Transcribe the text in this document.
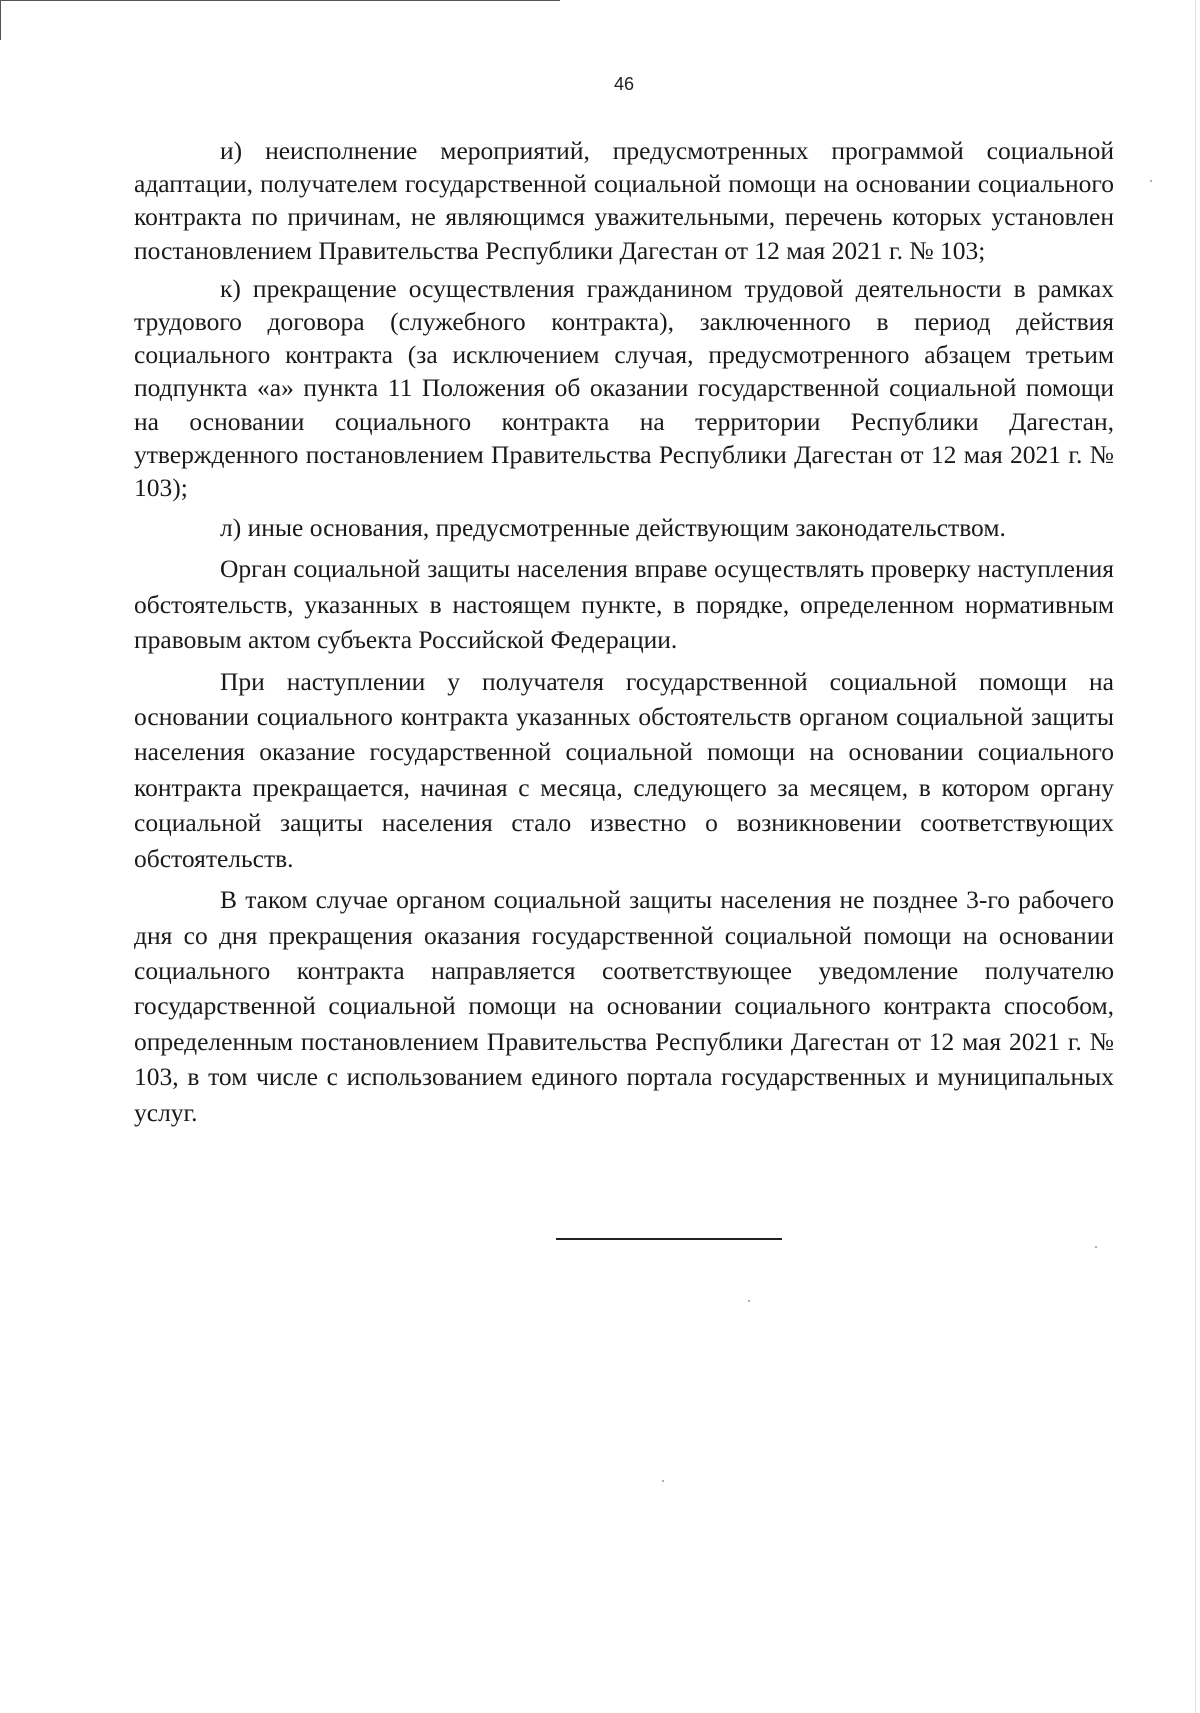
46

и) неисполнение мероприятий, предусмотренных программой социальной адаптации, получателем государственной социальной помощи на основании социального контракта по причинам, не являющимся уважительными, перечень которых установлен постановлением Правительства Республики Дагестан от 12 мая 2021 г. № 103;

к) прекращение осуществления гражданином трудовой деятельности в рамках трудового договора (служебного контракта), заключенного в период действия социального контракта (за исключением случая, предусмотренного абзацем третьим подпункта «а» пункта 11 Положения об оказании государственной социальной помощи на основании социального контракта на территории Республики Дагестан, утвержденного постановлением Правительства Республики Дагестан от 12 мая 2021 г. № 103);

л) иные основания, предусмотренные действующим законодательством.

Орган социальной защиты населения вправе осуществлять проверку наступления обстоятельств, указанных в настоящем пункте, в порядке, определенном нормативным правовым актом субъекта Российской Федерации.

При наступлении у получателя государственной социальной помощи на основании социального контракта указанных обстоятельств органом социальной защиты населения оказание государственной социальной помощи на основании социального контракта прекращается, начиная с месяца, следующего за месяцем, в котором органу социальной защиты населения стало известно о возникновении соответствующих обстоятельств.

В таком случае органом социальной защиты населения не позднее 3-го рабочего дня со дня прекращения оказания государственной социальной помощи на основании социального контракта направляется соответствующее уведомление получателю государственной социальной помощи на основании социального контракта способом, определенным постановлением Правительства Республики Дагестан от 12 мая 2021 г. № 103, в том числе с использованием единого портала государственных и муниципальных услуг.
